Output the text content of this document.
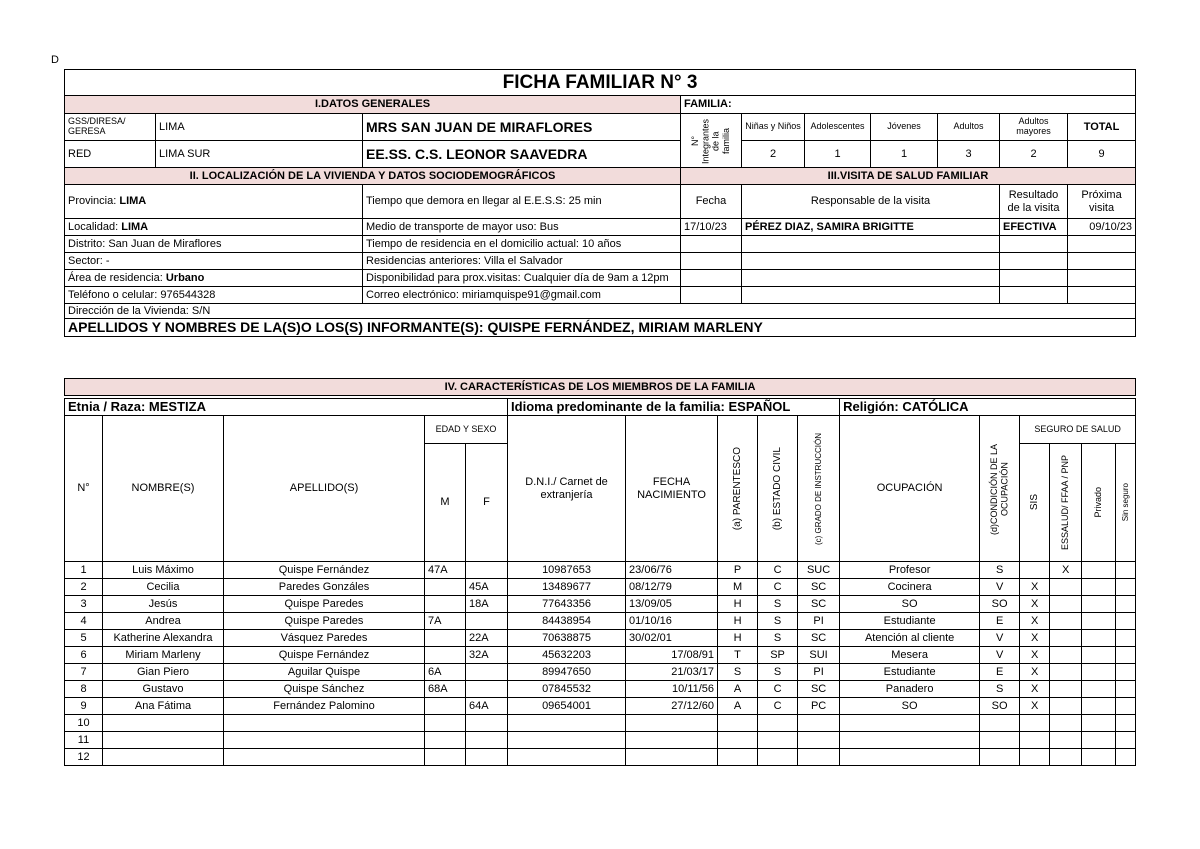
D
FICHA FAMILIAR N° 3									
I.DATOS GENERALES			FAMILIA:						
GSS/DIRESA/ GERESA	LIMA	MRS SAN JUAN DE MIRAFLORES	N° Integrantes de la familia	Niñas y Niños	Adolescentes	Jóvenes	Adultos	Adultos mayores	TOTAL
RED	LIMA SUR	EE.SS. C.S. LEONOR SAAVEDRA		2	1	1	3	2	9
II. LOCALIZACIÓN DE LA VIVIENDA Y DATOS SOCIODEMOGRÁFICOS			III.VISITA DE SALUD FAMILIAR						
Provincia: LIMA		Tiempo que demora en llegar al E.E.S.S: 25 min	Fecha	Responsable de la visita				Resultado de la visita	Próxima visita
Localidad: LIMA		Medio de transporte de mayor uso: Bus	17/10/23	PÉREZ DIAZ, SAMIRA BRIGITTE				EFECTIVA	09/10/23
Distrito: San Juan de Miraflores		Tiempo de residencia en el domicilio actual: 10 años							
Sector: -		Residencias anteriores: Villa el Salvador							
Área de residencia: Urbano		Disponibilidad para prox.visitas: Cualquier día de 9am a 12pm							
Teléfono o celular: 976544328		Correo electrónico: miriamquispe91@gmail.com							
Dirección de la Vivienda: S/N									
APELLIDOS Y NOMBRES DE LA(S)O LOS(S) INFORMANTE(S): QUISPE FERNÁNDEZ, MIRIAM MARLENY									
IV. CARACTERÍSTICAS DE LOS MIEMBROS DE LA FAMILIA
Etnia / Raza: MESTIZA					Idioma predominante de la familia: ESPAÑOL					Religión: CATÓLICA					
N°	NOMBRE(S)	APELLIDO(S)	EDAD Y SEXO		D.N.I./ Carnet de extranjería	FECHA NACIMIENTO	(a) PARENTESCO	(b) ESTADO CIVIL	(c) GRADO DE INSTRUCCIÓN	OCUPACIÓN	(d)CONDICIÓN DE LA OCUPACIÓN	SEGURO DE SALUD			
			M	F								SIS	ESSALUD/ FFAA / PNP	Privado	Sin seguro

1	Luis Máximo	Quispe Fernández	47A		10987653	23/06/76	P	C	SUC	Profesor	S		X		
2	Cecilia	Paredes Gonzáles		45A	13489677	08/12/79	M	C	SC	Cocinera	V	X			
3	Jesús	Quispe Paredes		18A	77643356	13/09/05	H	S	SC	SO	SO	X			
4	Andrea	Quispe Paredes	7A		84438954	01/10/16	H	S	PI	Estudiante	E	X			
5	Katherine Alexandra	Vásquez Paredes		22A	70638875	30/02/01	H	S	SC	Atención al cliente	V	X			
6	Miriam Marleny	Quispe Fernández		32A	45632203	17/08/91	T	SP	SUI	Mesera	V	X			
7	Gian Piero	Aguilar Quispe	6A		89947650	21/03/17	S	S	PI	Estudiante	E	X			
8	Gustavo	Quispe Sánchez	68A		07845532	10/11/56	A	C	SC	Panadero	S	X			
9	Ana Fátima	Fernández Palomino		64A	09654001	27/12/60	A	C	PC	SO	SO	X			
10															
11															
12															
